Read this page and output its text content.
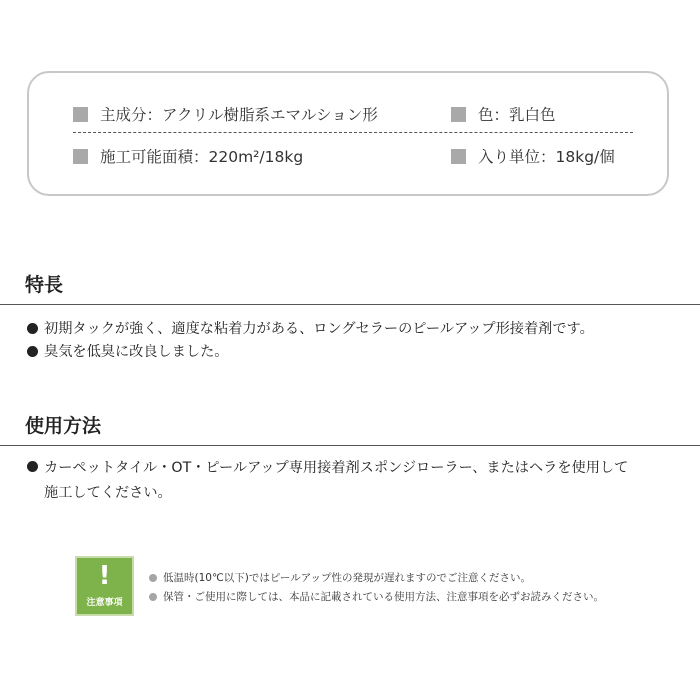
主成分：アクリル樹脂系エマルション形	色：乳白色
施工可能面積：220m²/18kg	入り単位：18kg/個
特長
初期タックが強く、適度な粘着力がある、ロングセラーのピールアップ形接着剤です。
臭気を低臭に改良しました。
使用方法
カーペットタイル・OT・ピールアップ専用接着剤スポンジローラー、またはヘラを使用して
施工してください。
!
注意事項
低温時(10℃以下)ではピールアップ性の発現が遅れますのでご注意ください。
保管・ご使用に際しては、本品に記載されている使用方法、注意事項を必ずお読みください。
